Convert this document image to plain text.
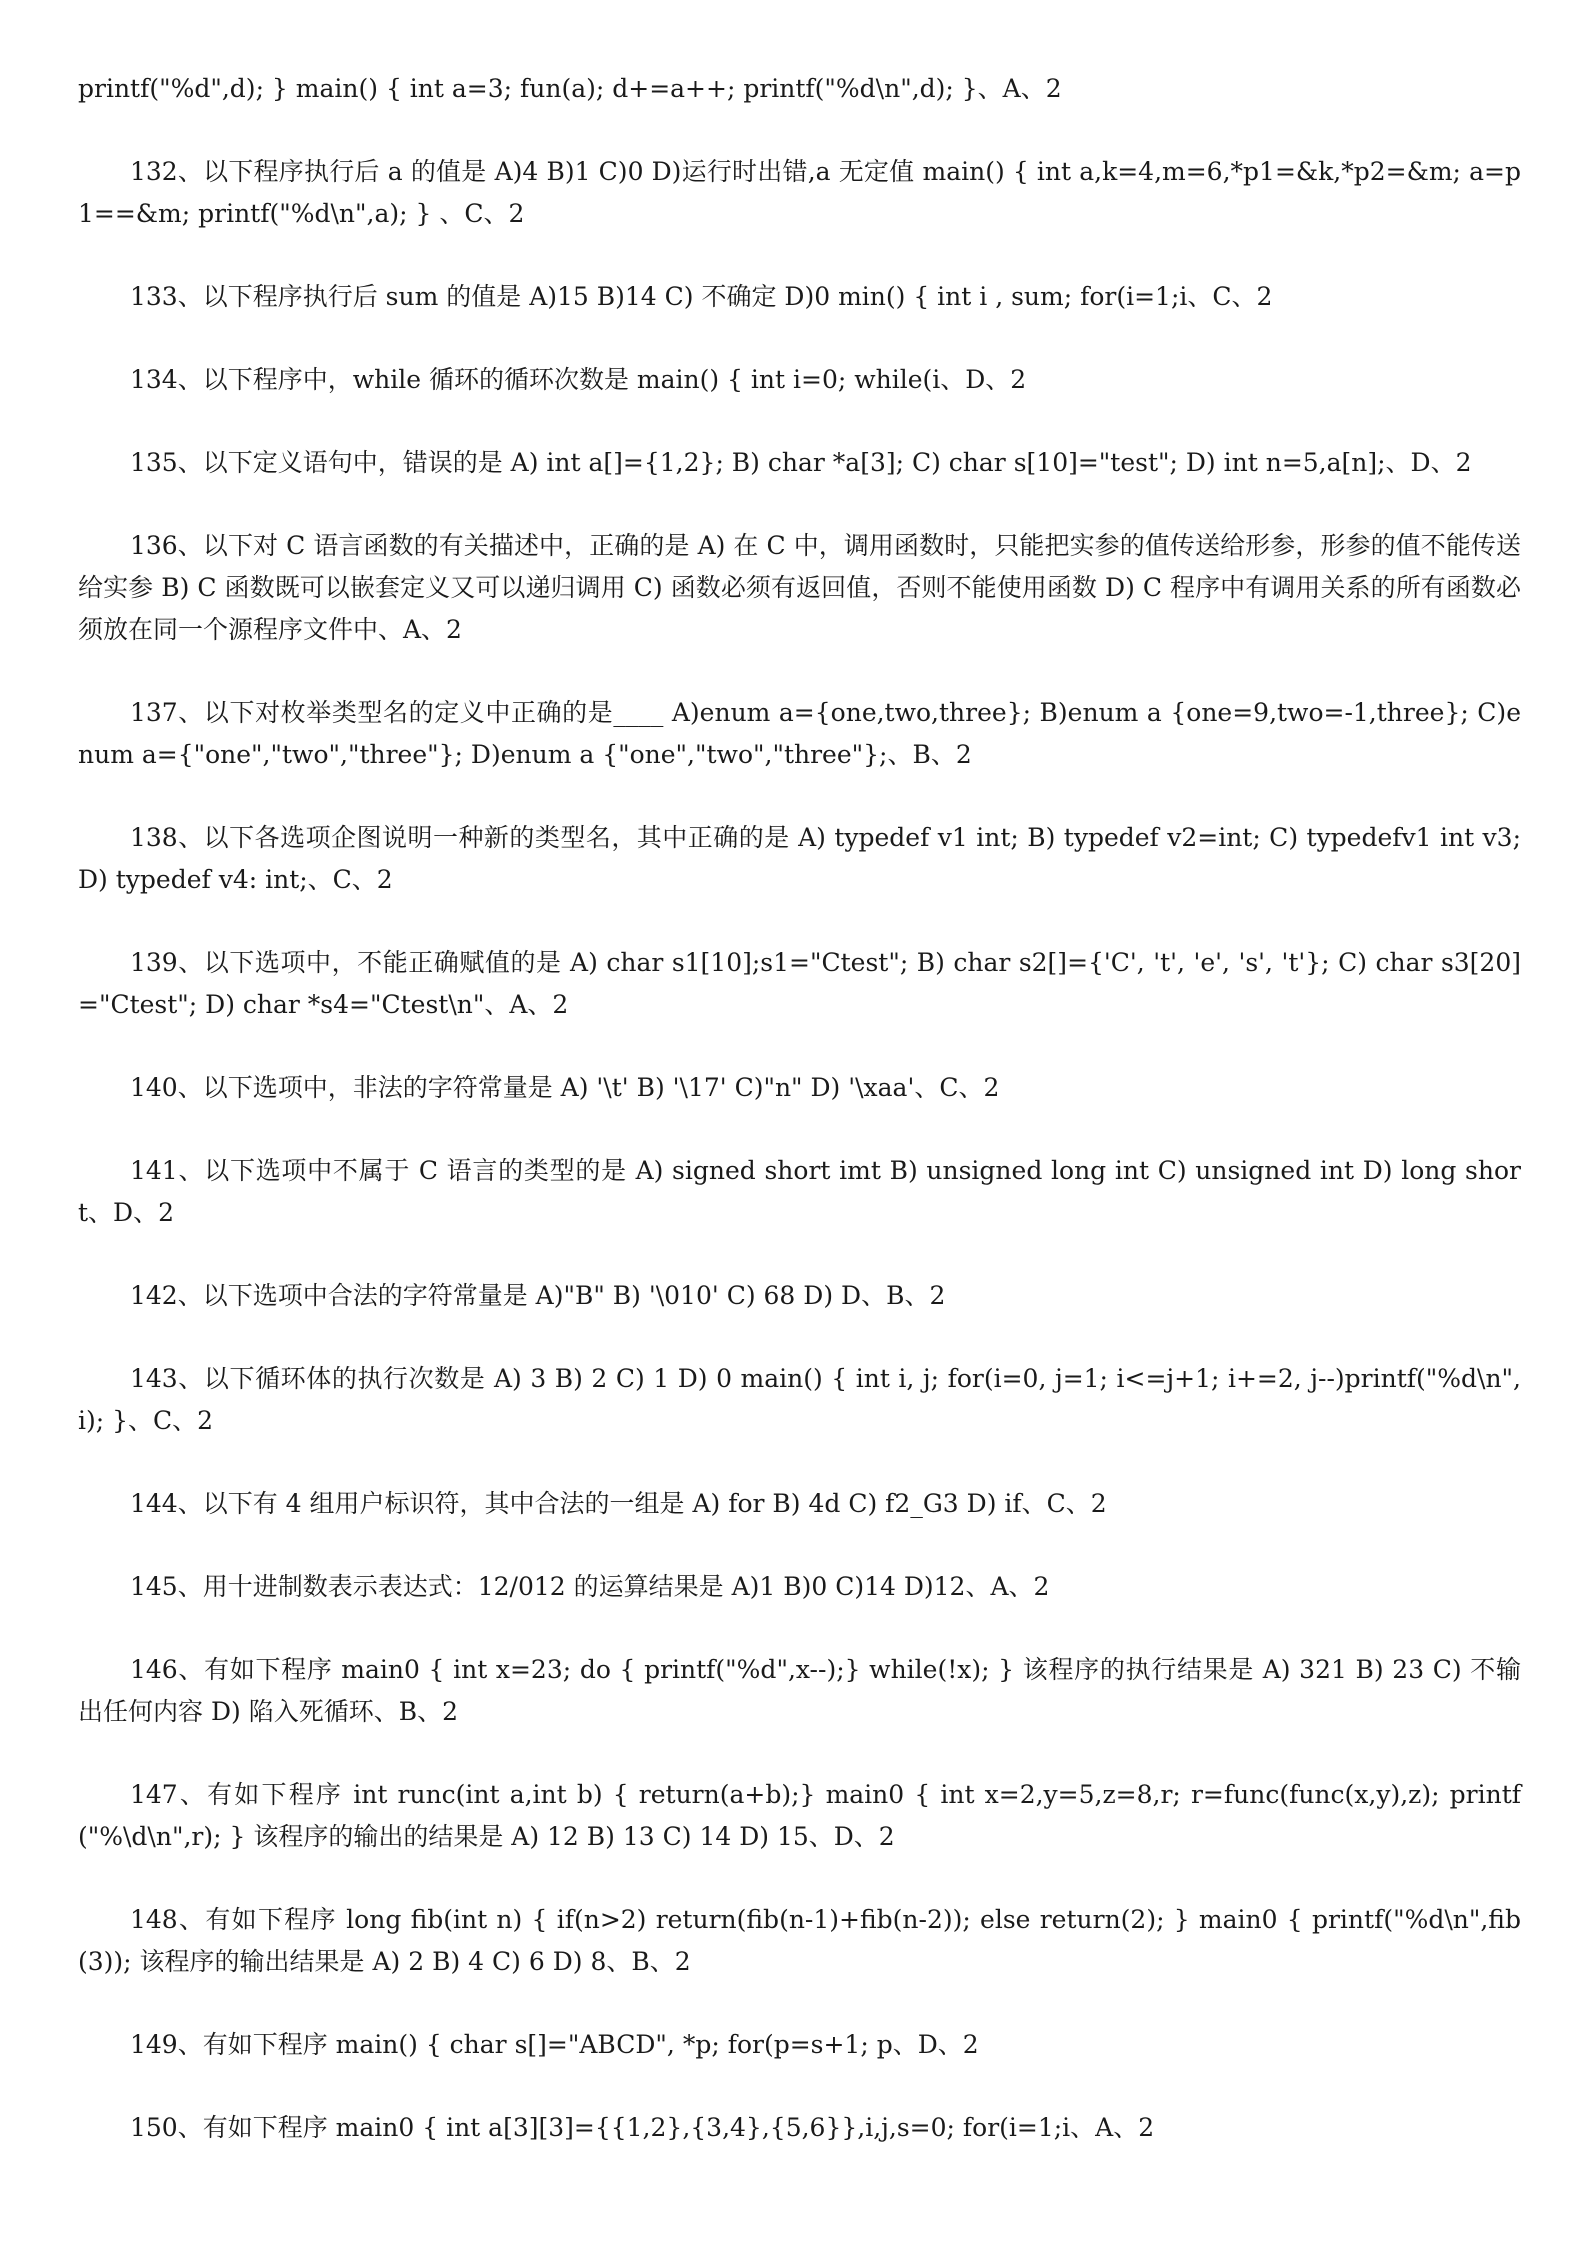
printf("%d",d); } main() { int a=3; fun(a); d+=a++; printf("%d\n",d); }、A、2

132、以下程序执行后 a 的值是 A)4 B)1 C)0 D)运行时出错,a 无定值 main() { int a,k=4,m=6,*p1=&k,*p2=&m; a=p1==&m; printf("%d\n",a); } 、C、2

133、以下程序执行后 sum 的值是 A)15 B)14 C) 不确定 D)0 min() { int i , sum; for(i=1;i、C、2

134、以下程序中，while 循环的循环次数是 main() { int i=0; while(i、D、2

135、以下定义语句中，错误的是 A) int a[]={1,2}; B) char *a[3]; C) char s[10]="test"; D) int n=5,a[n];、D、2

136、以下对 C 语言函数的有关描述中，正确的是 A) 在 C 中，调用函数时，只能把实参的值传送给形参，形参的值不能传送给实参 B) C 函数既可以嵌套定义又可以递归调用 C) 函数必须有返回值，否则不能使用函数 D) C 程序中有调用关系的所有函数必须放在同一个源程序文件中、A、2

137、以下对枚举类型名的定义中正确的是____ A)enum a={one,two,three}; B)enum a {one=9,two=-1,three}; C)enum a={"one","two","three"}; D)enum a {"one","two","three"};、B、2

138、以下各选项企图说明一种新的类型名，其中正确的是 A) typedef v1 int; B) typedef v2=int; C) typedefv1 int v3; D) typedef v4: int;、C、2

139、以下选项中，不能正确赋值的是 A) char s1[10];s1="Ctest"; B) char s2[]={'C', 't', 'e', 's', 't'}; C) char s3[20]="Ctest"; D) char *s4="Ctest\n"、A、2

140、以下选项中，非法的字符常量是 A) '\t' B) '\17' C)"n" D) '\xaa'、C、2

141、以下选项中不属于 C 语言的类型的是 A) signed short imt B) unsigned long int C) unsigned int D) long short、D、2

142、以下选项中合法的字符常量是 A)"B" B) '\010' C) 68 D) D、B、2

143、以下循环体的执行次数是 A) 3 B) 2 C) 1 D) 0 main() { int i, j; for(i=0, j=1; i<=j+1; i+=2, j--)printf("%d\n",i); }、C、2

144、以下有 4 组用户标识符，其中合法的一组是 A) for B) 4d C) f2_G3 D) if、C、2

145、用十进制数表示表达式：12/012 的运算结果是 A)1 B)0 C)14 D)12、A、2

146、有如下程序 main0 { int x=23; do { printf("%d",x--);} while(!x); } 该程序的执行结果是 A) 321 B) 23 C) 不输出任何内容 D) 陷入死循环、B、2

147、有如下程序 int runc(int a,int b) { return(a+b);} main0 { int x=2,y=5,z=8,r; r=func(func(x,y),z); printf("%\d\n",r); } 该程序的输出的结果是 A) 12 B) 13 C) 14 D) 15、D、2

148、有如下程序 long fib(int n) { if(n>2) return(fib(n-1)+fib(n-2)); else return(2); } main0 { printf("%d\n",fib(3)); 该程序的输出结果是 A) 2 B) 4 C) 6 D) 8、B、2

149、有如下程序 main() { char s[]="ABCD", *p; for(p=s+1; p、D、2

150、有如下程序 main0 { int a[3][3]={{1,2},{3,4},{5,6}},i,j,s=0; for(i=1;i、A、2
